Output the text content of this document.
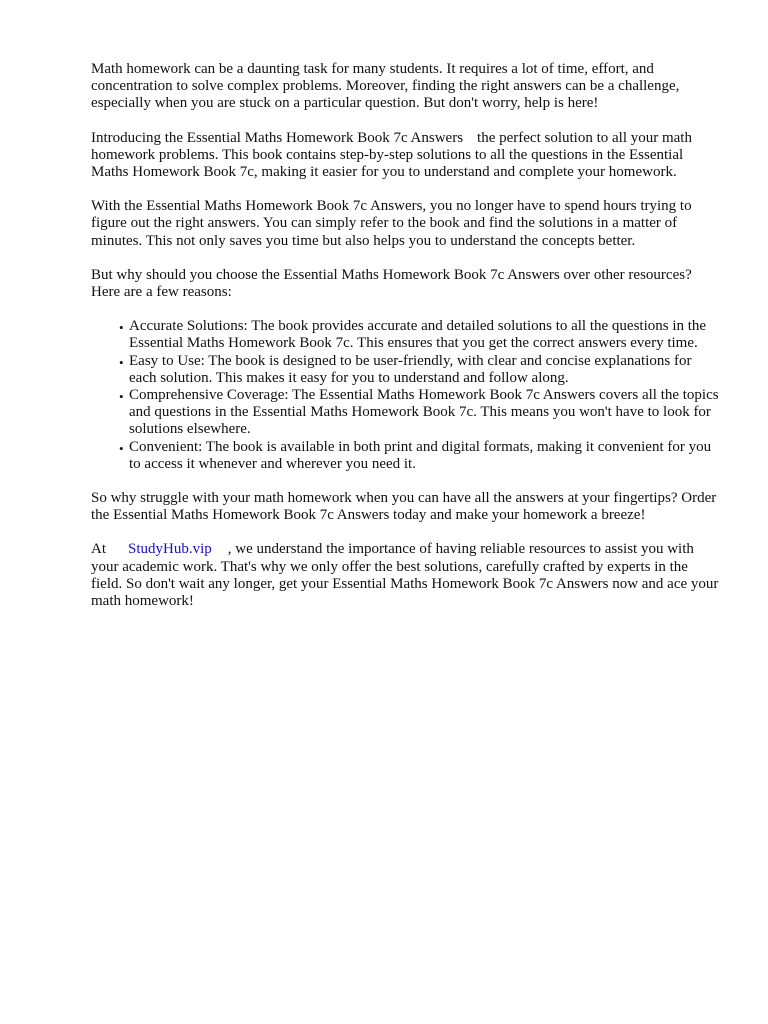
Math homework can be a daunting task for many students. It requires a lot of time, effort, and concentration to solve complex problems. Moreover, finding the right answers can be a challenge, especially when you are stuck on a particular question. But don't worry, help is here!

Introducing the Essential Maths Homework Book 7c Answers the perfect solution to all your math homework problems. This book contains step-by-step solutions to all the questions in the Essential Maths Homework Book 7c, making it easier for you to understand and complete your homework.

With the Essential Maths Homework Book 7c Answers, you no longer have to spend hours trying to figure out the right answers. You can simply refer to the book and find the solutions in a matter of minutes. This not only saves you time but also helps you to understand the concepts better.

But why should you choose the Essential Maths Homework Book 7c Answers over other resources? Here are a few reasons:

• Accurate Solutions: The book provides accurate and detailed solutions to all the questions in the Essential Maths Homework Book 7c. This ensures that you get the correct answers every time.
• Easy to Use: The book is designed to be user-friendly, with clear and concise explanations for each solution. This makes it easy for you to understand and follow along.
• Comprehensive Coverage: The Essential Maths Homework Book 7c Answers covers all the topics and questions in the Essential Maths Homework Book 7c. This means you won't have to look for solutions elsewhere.
• Convenient: The book is available in both print and digital formats, making it convenient for you to access it whenever and wherever you need it.

So why struggle with your math homework when you can have all the answers at your fingertips? Order the Essential Maths Homework Book 7c Answers today and make your homework a breeze!

At StudyHub.vip , we understand the importance of having reliable resources to assist you with your academic work. That's why we only offer the best solutions, carefully crafted by experts in the field. So don't wait any longer, get your Essential Maths Homework Book 7c Answers now and ace your math homework!
